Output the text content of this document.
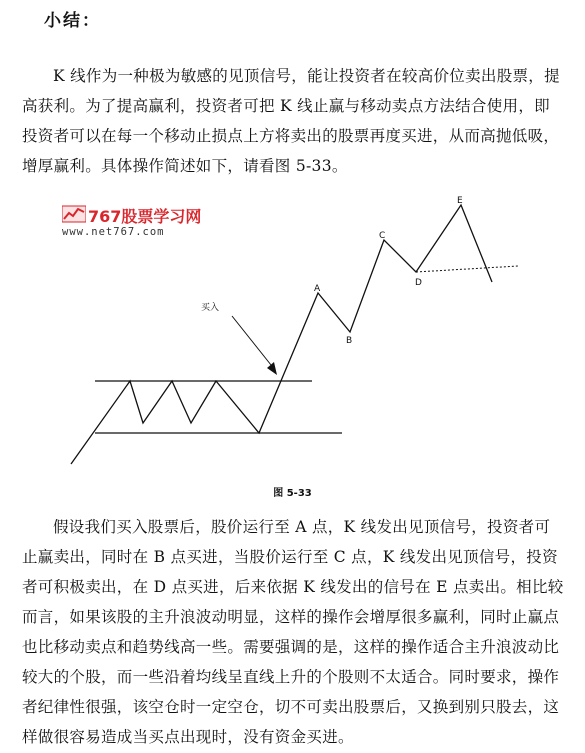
小结：

K 线作为一种极为敏感的见顶信号，能让投资者在较高价位卖出股票，提
高获利。为了提高赢利，投资者可把 K 线止赢与移动卖点方法结合使用，即
投资者可以在每一个移动止损点上方将卖出的股票再度买进，从而高抛低吸，
增厚赢利。具体操作简述如下，请看图 5-33。

767股票学习网
www.net767.com
买入
A
B
C
D
E
图 5-33

假设我们买入股票后，股价运行至 A 点，K 线发出见顶信号，投资者可
止赢卖出，同时在 B 点买进，当股价运行至 C 点，K 线发出见顶信号，投资
者可积极卖出，在 D 点买进，后来依据 K 线发出的信号在 E 点卖出。相比较
而言，如果该股的主升浪波动明显，这样的操作会增厚很多赢利，同时止赢点
也比移动卖点和趋势线高一些。需要强调的是，这样的操作适合主升浪波动比
较大的个股，而一些沿着均线呈直线上升的个股则不太适合。同时要求，操作
者纪律性很强，该空仓时一定空仓，切不可卖出股票后，又换到别只股去，这
样做很容易造成当买点出现时，没有资金买进。
